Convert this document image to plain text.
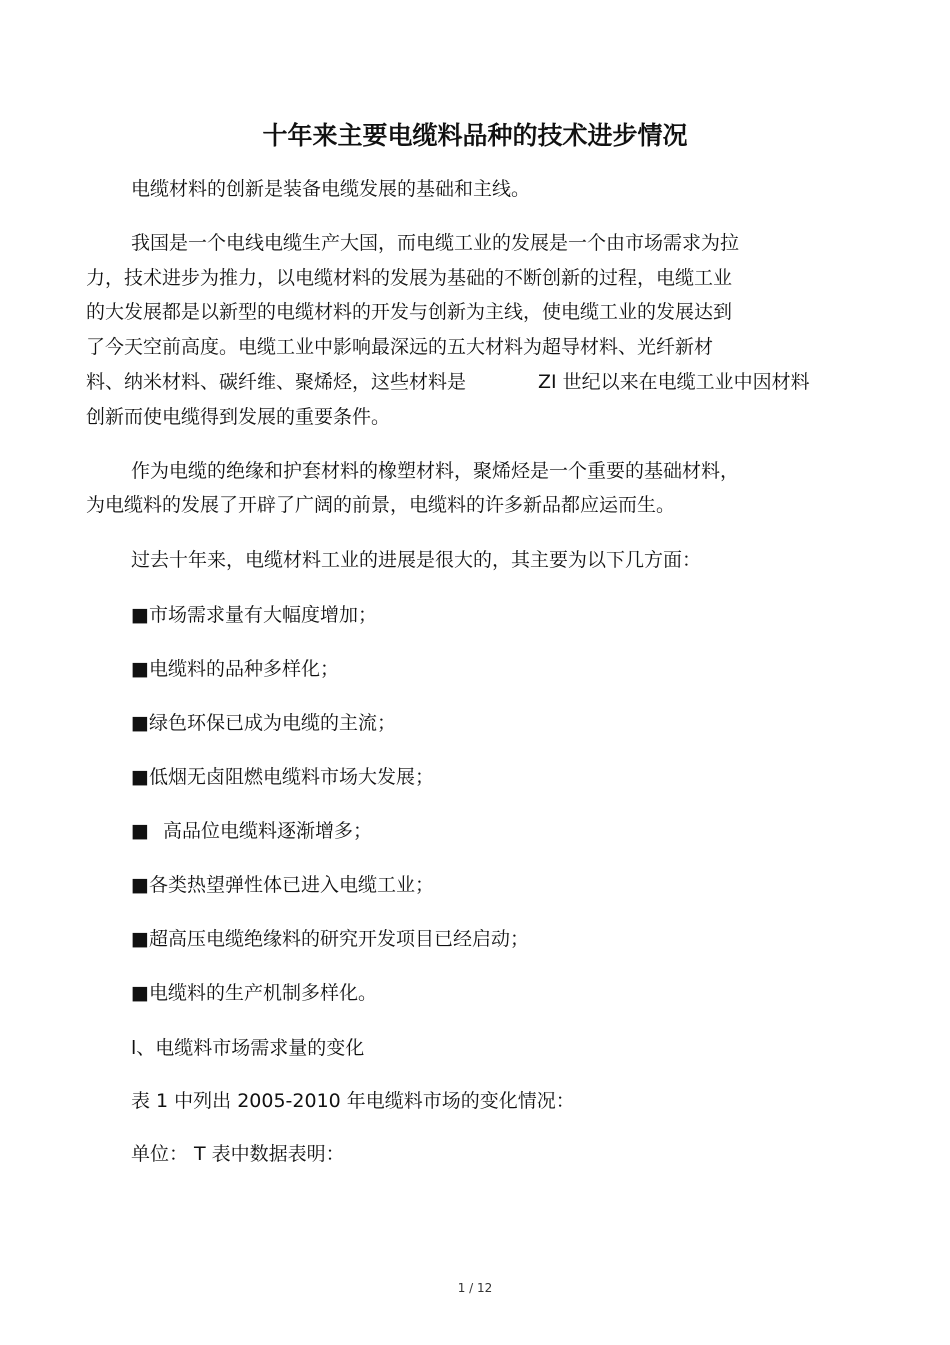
十年来主要电缆料品种的技术进步情况

电缆材料的创新是装备电缆发展的基础和主线。

我国是一个电线电缆生产大国，而电缆工业的发展是一个由市场需求为拉

力，技术进步为推力，以电缆材料的发展为基础的不断创新的过程，电缆工业

的大发展都是以新型的电缆材料的开发与创新为主线，使电缆工业的发展达到

了今天空前高度。电缆工业中影响最深远的五大材料为超导材料、光纤新材

料、纳米材料、碳纤维、聚烯烃，这些材料是	ZI 世纪以来在电缆工业中因材料

创新而使电缆得到发展的重要条件。

作为电缆的绝缘和护套材料的橡塑材料，聚烯烃是一个重要的基础材料，

为电缆料的发展了开辟了广阔的前景，电缆料的许多新品都应运而生。

过去十年来，电缆材料工业的进展是很大的，其主要为以下几方面：

■市场需求量有大幅度增加；

■电缆料的品种多样化；

■绿色环保已成为电缆的主流；

■低烟无卤阻燃电缆料市场大发展；

■ 高品位电缆料逐渐增多；

■各类热望弹性体已进入电缆工业；

■超高压电缆绝缘料的研究开发项目已经启动；

■电缆料的生产机制多样化。

l、电缆料市场需求量的变化

表 1 中列出 2005-2010 年电缆料市场的变化情况：

单位： T 表中数据表明：

1 / 12
